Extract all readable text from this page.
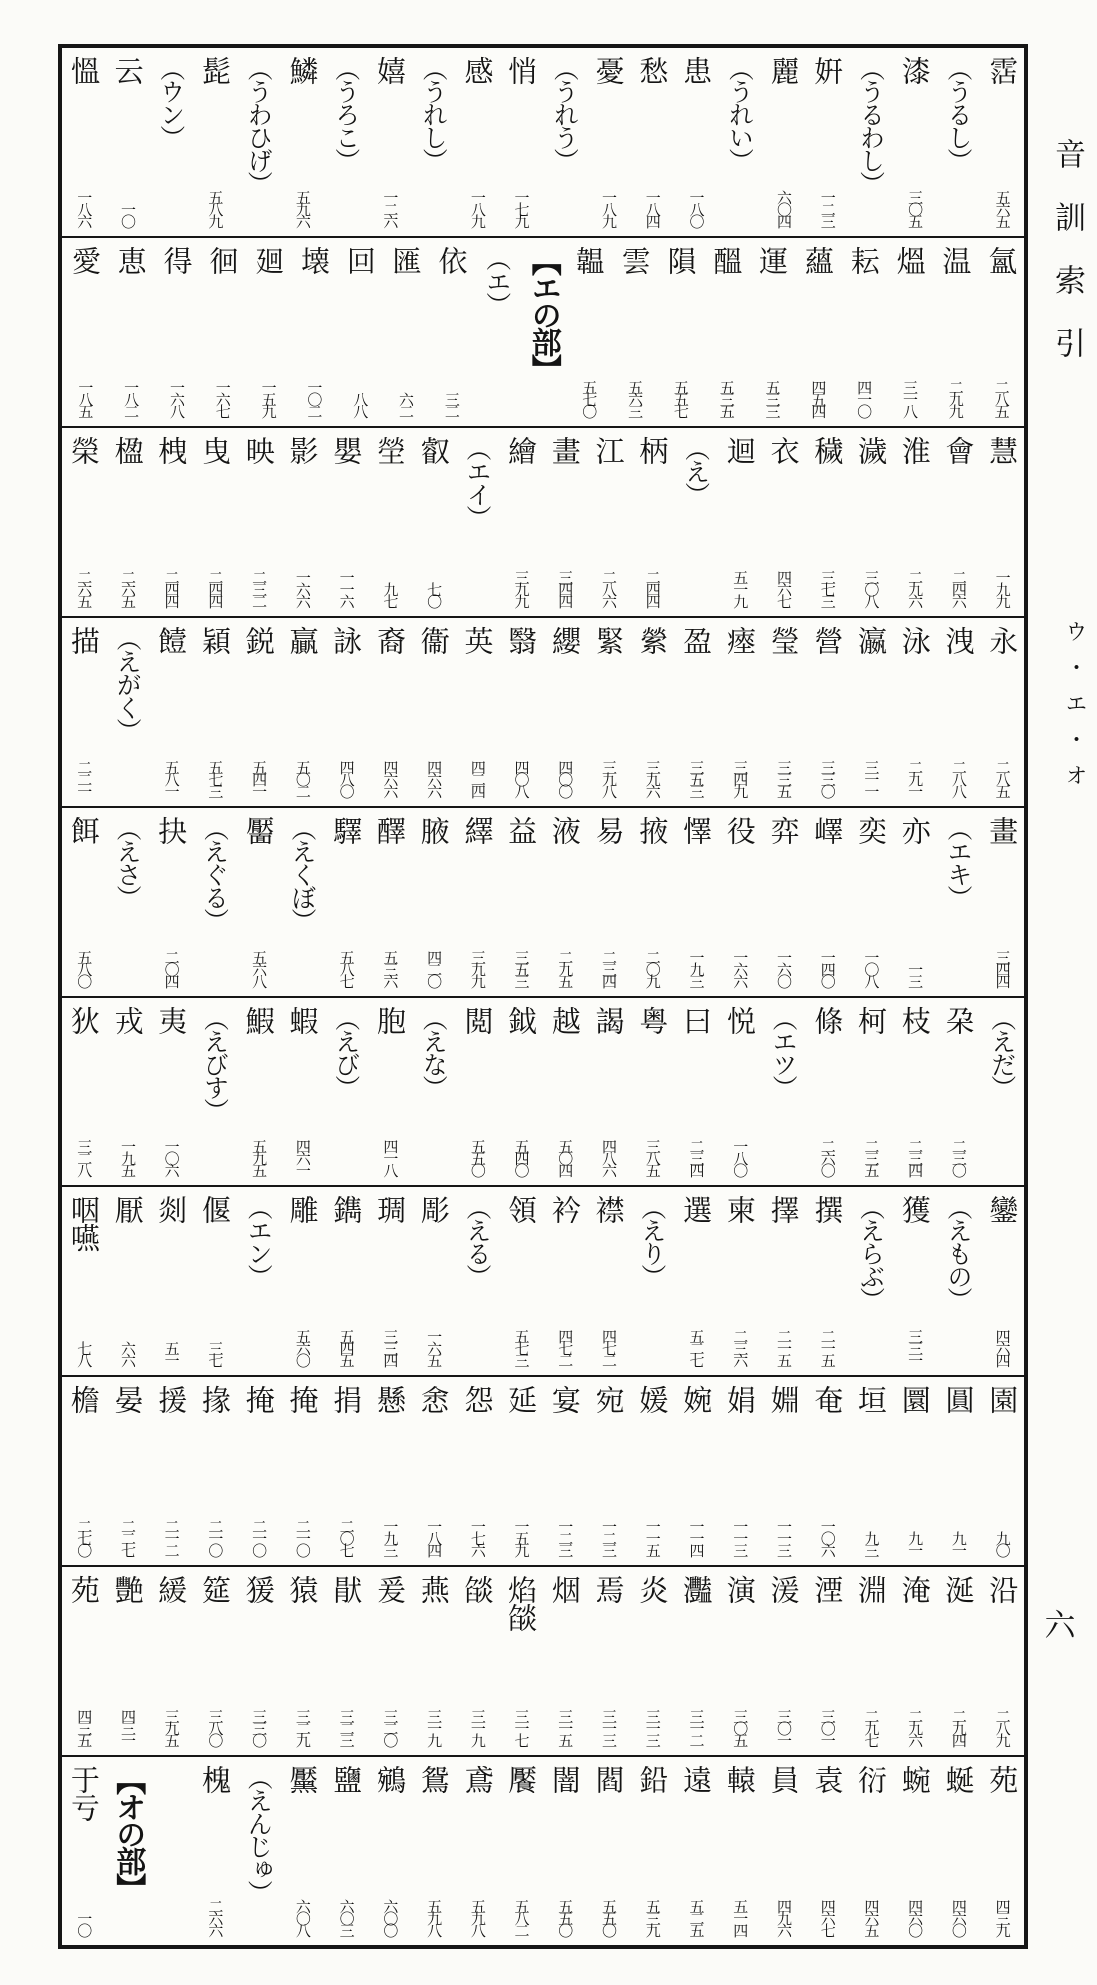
霑
五六五
（うるし）
漆
三〇五
（うるわし）
姸
一二三
麗
六〇四
（うれい）
患
一八〇
愁
一八四
憂
一八九
（うれう）
悄
一七九
感
一八九
（うれし）
嬉
一二六
（うろこ）
鱗
五九六
（うわひげ）
髭
五八九
（ウン）
云
一〇
慍
一八六
氳
二八五
温
二九九
熅
三一八
耘
四一〇
蘊
四五四
運
五三三
醞
五三五
隕
五五七
雲
五六三
韞
五七〇
【エの部】
（エ）
依
三二
匯
六二
回
八八
壊
一〇二
廻
一五九
徊
一六七
得
一六八
恵
一八二
愛
一八五
慧
一九九
會
二四六
淮
二九六
濊
三〇八
穢
三七三
衣
四六七
迴
五一九
（え）
柄
二四四
江
二八六
畫
三四四
繪
三九九
（エイ）
叡
七〇
塋
九七
嬰
一一六
影
一六六
映
二三二
曳
二四四
栧
二四四
楹
二六五
榮
二六五
永
二八五
洩
二八八
泳
二九一
瀛
三一一
營
三三〇
瑩
三三五
瘞
三四九
盈
三五三
縈
三九六
緊
三九八
纓
四〇〇
翳
四〇八
英
四二四
衞
四六六
裔
四六六
詠
四八〇
贏
五〇二
鋭
五四一
穎
五七三
饐
五八一
（えがく）
描
二二一
畫
三四四
（エキ）
亦
一三
奕
一〇八
嶧
一四〇
弈
一六〇
役
一六六
懌
一九三
掖
二〇九
易
二三四
液
二九五
益
三五三
繹
三九九
腋
四二〇
醳
五三六
驛
五八七
（えくぼ）
靨
五六八
（えぐる）
抉
二〇四
（えさ）
餌
五八〇
（えだ）
朶
二三〇
枝
二三四
柯
二三五
條
二六〇
（エツ）
悦
一八〇
曰
二三四
粤
三八五
謁
四八六
越
五〇四
鉞
五四〇
閲
五五〇
（えな）
胞
四一八
（えび）
蝦
四六一
鰕
五九五
（えびす）
夷
一〇六
戎
一九五
狄
三二八
鑾
四六四
（えもの）
獲
三三一
（えらぶ）
撰
二一五
擇
二一五
柬
二三六
選
五二七
（えり）
襟
四七二
衿
四七二
領
五七三
（える）
彫
一六五
琱
三三四
鐫
五四五
雕
五六〇
（エン）
偃
三七
剡
五一
厭
六六
咽嚥
七八
園
九〇
圓
九一
圜
九一
垣
九三
奄
一〇六
婣
一一三
娟
一一三
婉
一一四
媛
一一五
宛
一二三
宴
一二三
延
一五九
怨
一七六
悆
一八四
懸
一九三
捐
二〇七
掩
二一〇
掩
二一〇
掾
二一〇
援
二一二
晏
二二七
檐
二七〇
沿
二八九
涎
二九四
淹
二九六
淵
二九七
湮
三〇一
湲
三〇一
演
三〇五
灩
三一二
炎
三一三
焉
三一三
烟
三一五
焰燄
三一七
燄
三一九
燕
三一九
爰
三二〇
猒
三二三
猿
三二九
猨
三三〇
筵
三八〇
緩
三九五
艷
四三一
苑
四三五
苑
四三九
蜒
四六〇
蜿
四六〇
衍
四六五
袁
四六七
員
四九六
轅
五一四
遠
五二五
鉛
五三九
閻
五五〇
闇
五五〇
饜
五八二
鳶
五九八
鴛
五九八
鵷
六〇〇
鹽
六〇三
黶
六〇八
（えんじゅ）
槐
二六六
【オの部】
于亏
一〇
音訓索引
ウ・エ・オ
六
